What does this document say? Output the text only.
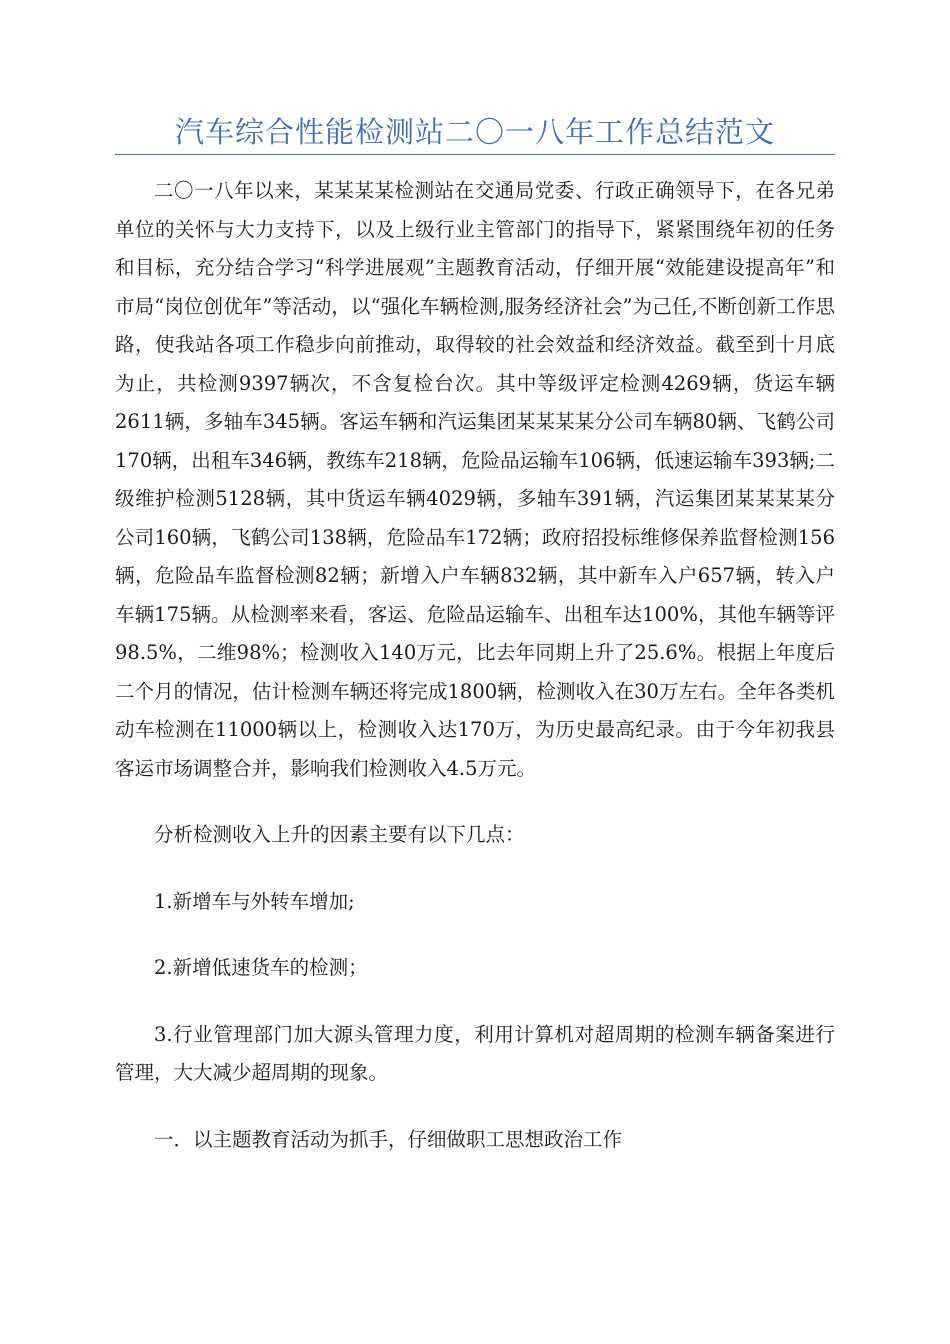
汽车综合性能检测站二〇一八年工作总结范文

二〇一八年以来，某某某某检测站在交通局党委、行政正确领导下，在各兄弟单位的关怀与大力支持下，以及上级行业主管部门的指导下，紧紧围绕年初的任务和目标，充分结合学习“科学进展观”主题教育活动，仔细开展“效能建设提高年”和市局“岗位创优年”等活动，以“强化车辆检测,服务经济社会”为己任,不断创新工作思路，使我站各项工作稳步向前推动，取得较的社会效益和经济效益。截至到十月底为止，共检测9397辆次，不含复检台次。其中等级评定检测4269辆，货运车辆2611辆，多轴车345辆。客运车辆和汽运集团某某某某分公司车辆80辆、飞鹤公司170辆，出租车346辆，教练车218辆，危险品运输车106辆，低速运输车393辆;二级维护检测5128辆，其中货运车辆4029辆，多轴车391辆，汽运集团某某某某分公司160辆，飞鹤公司138辆，危险品车172辆；政府招投标维修保养监督检测156辆，危险品车监督检测82辆；新增入户车辆832辆，其中新车入户657辆，转入户车辆175辆。从检测率来看，客运、危险品运输车、出租车达100%，其他车辆等评98.5%，二维98%；检测收入140万元，比去年同期上升了25.6%。根据上年度后二个月的情况，估计检测车辆还将完成1800辆，检测收入在30万左右。全年各类机动车检测在11000辆以上，检测收入达170万，为历史最高纪录。由于今年初我县客运市场调整合并，影响我们检测收入4.5万元。

分析检测收入上升的因素主要有以下几点：

1.新增车与外转车增加;

2.新增低速货车的检测；

3.行业管理部门加大源头管理力度，利用计算机对超周期的检测车辆备案进行管理，大大减少超周期的现象。

一．以主题教育活动为抓手，仔细做职工思想政治工作
